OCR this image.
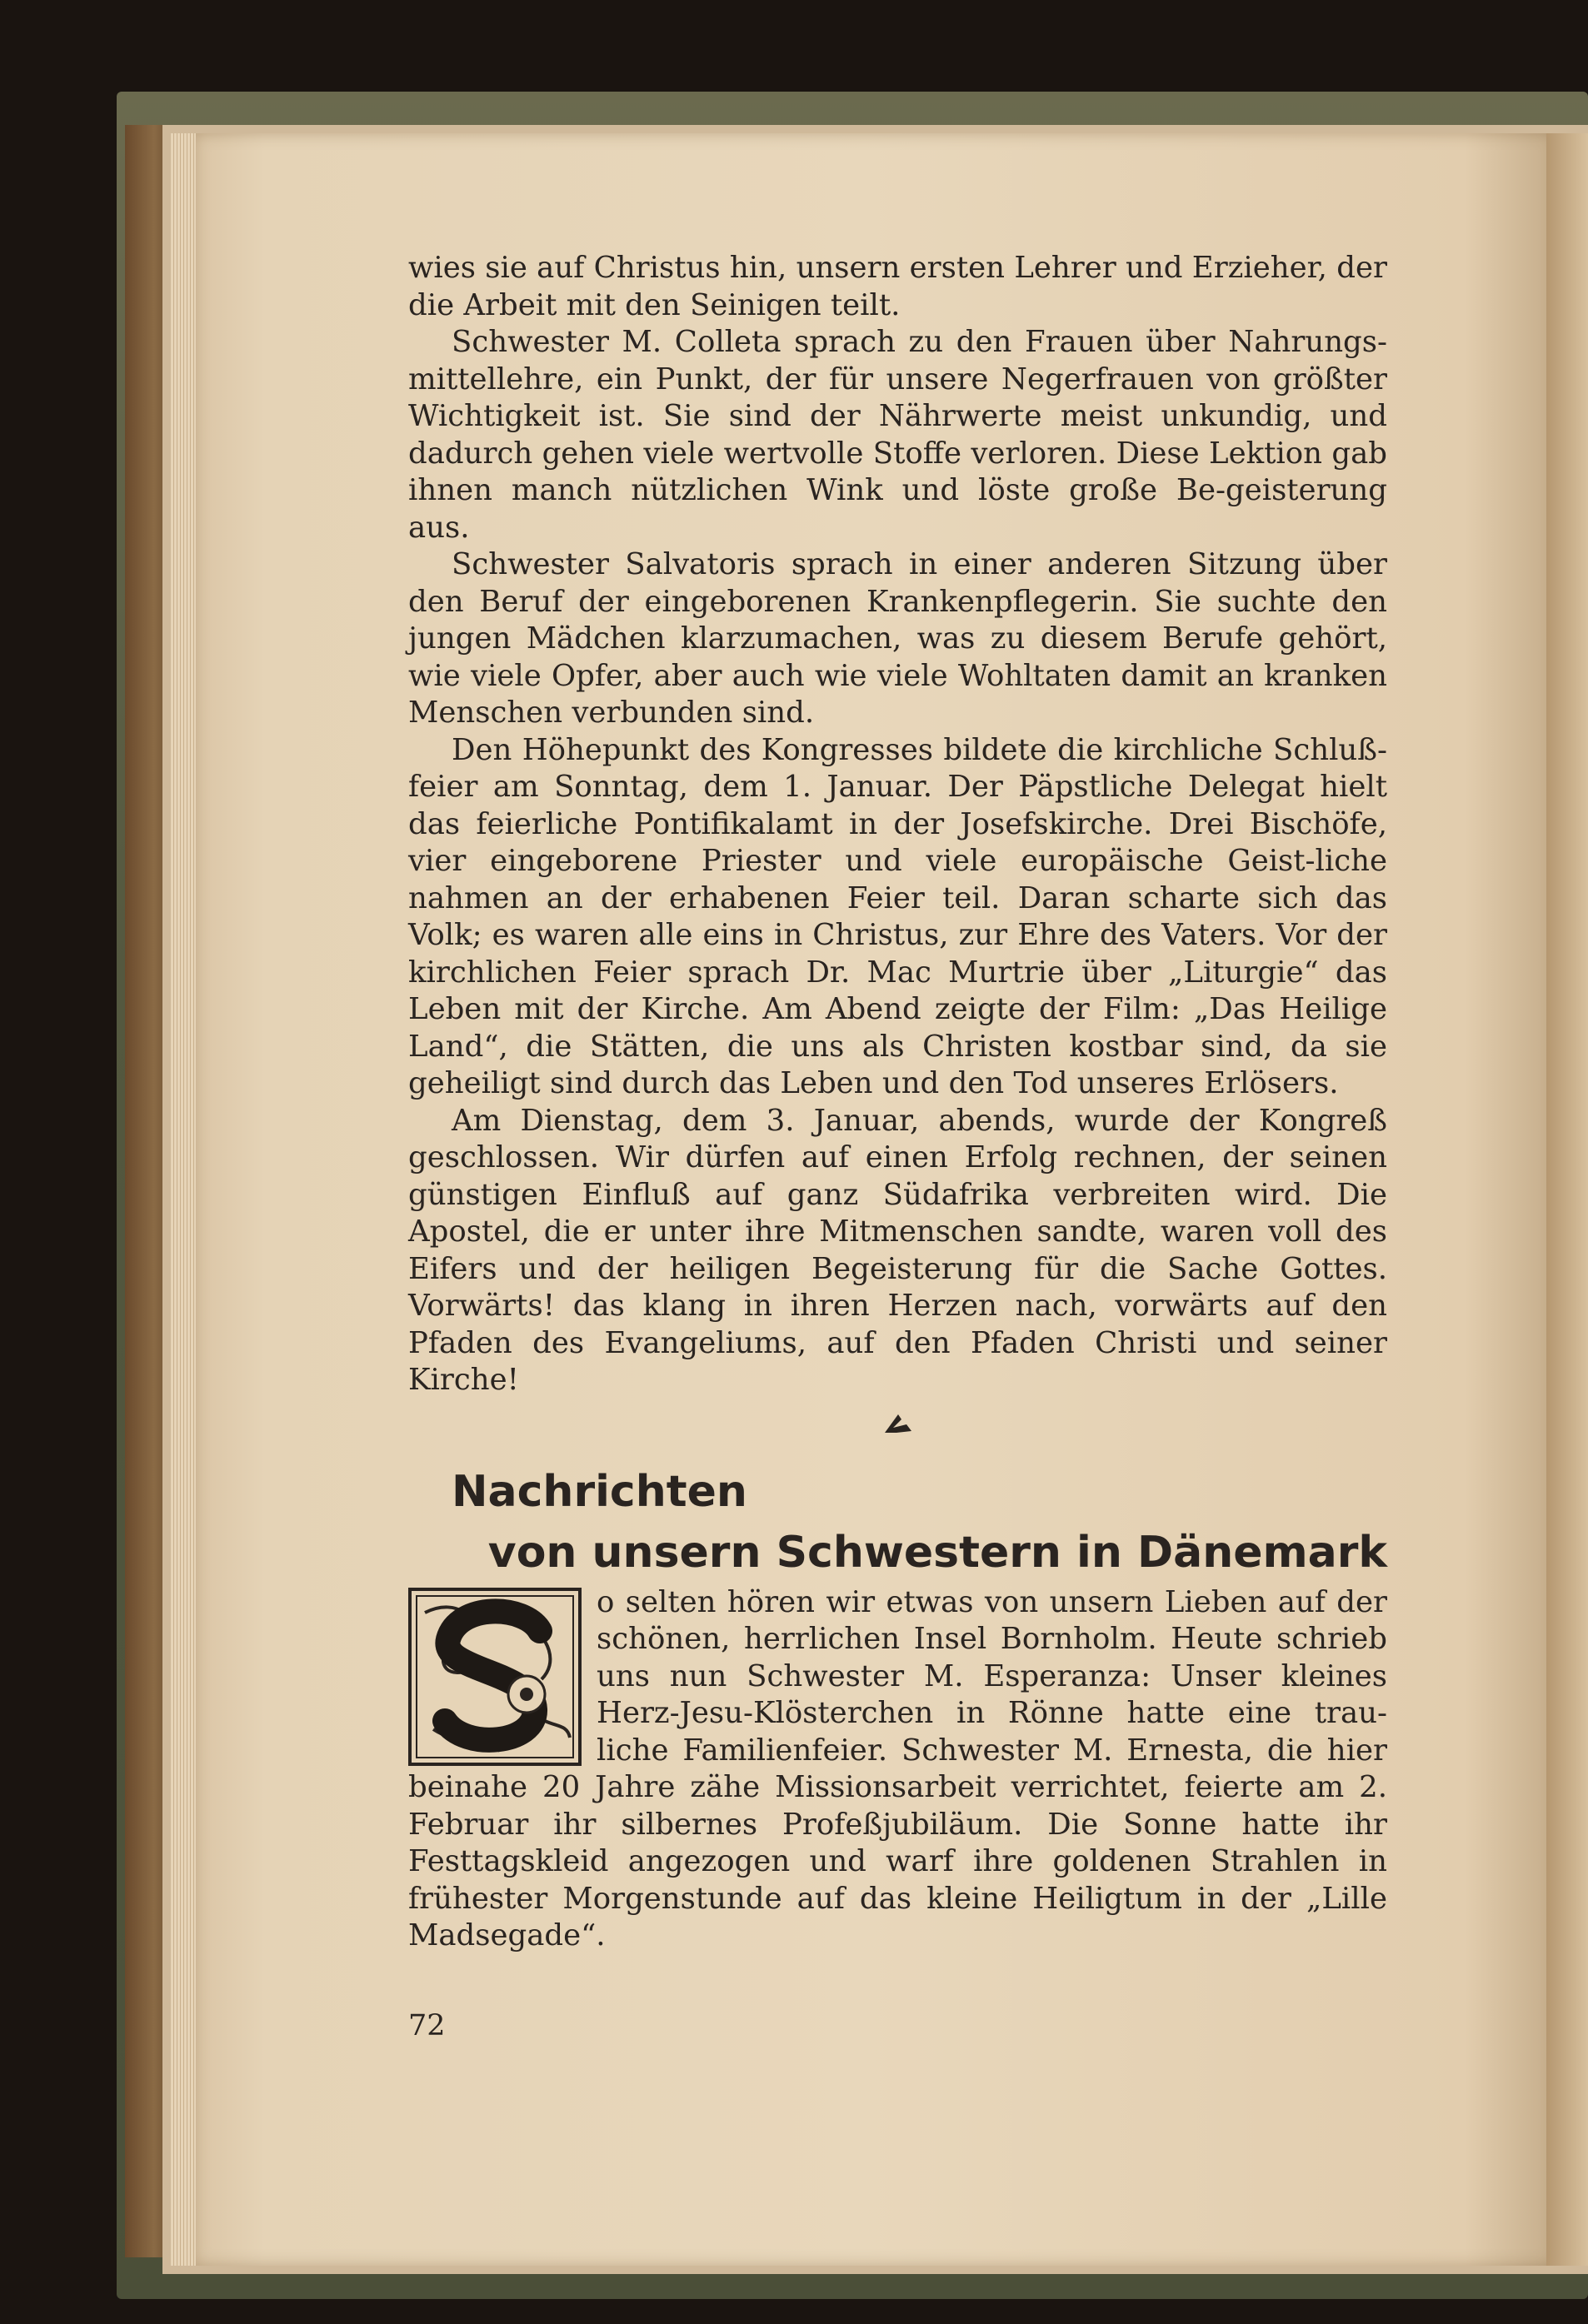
wies sie auf Christus hin, unsern ersten Lehrer und Erzieher, der die Arbeit mit den Seinigen teilt.

Schwester M. Colleta sprach zu den Frauen über Nahrungs-mittellehre, ein Punkt, der für unsere Negerfrauen von größter Wichtigkeit ist. Sie sind der Nährwerte meist unkundig, und dadurch gehen viele wertvolle Stoffe verloren. Diese Lektion gab ihnen manch nützlichen Wink und löste große Be-geisterung aus.

Schwester Salvatoris sprach in einer anderen Sitzung über den Beruf der eingeborenen Krankenpflegerin. Sie suchte den jungen Mädchen klarzumachen, was zu diesem Berufe gehört, wie viele Opfer, aber auch wie viele Wohltaten damit an kranken Menschen verbunden sind.

Den Höhepunkt des Kongresses bildete die kirchliche Schluß-feier am Sonntag, dem 1. Januar. Der Päpstliche Delegat hielt das feierliche Pontifikalamt in der Josefskirche. Drei Bischöfe, vier eingeborene Priester und viele europäische Geist-liche nahmen an der erhabenen Feier teil. Daran scharte sich das Volk; es waren alle eins in Christus, zur Ehre des Vaters. Vor der kirchlichen Feier sprach Dr. Mac Murtrie über „Liturgie“ das Leben mit der Kirche. Am Abend zeigte der Film: „Das Heilige Land“, die Stätten, die uns als Christen kostbar sind, da sie geheiligt sind durch das Leben und den Tod unseres Erlösers.

Am Dienstag, dem 3. Januar, abends, wurde der Kongreß geschlossen. Wir dürfen auf einen Erfolg rechnen, der seinen günstigen Einfluß auf ganz Südafrika verbreiten wird. Die Apostel, die er unter ihre Mitmenschen sandte, waren voll des Eifers und der heiligen Begeisterung für die Sache Gottes. Vorwärts! das klang in ihren Herzen nach, vorwärts auf den Pfaden des Evangeliums, auf den Pfaden Christi und seiner Kirche!

Nachrichten

von unsern Schwestern in Dänemark

o selten hören wir etwas von unsern Lieben auf der schönen, herrlichen Insel Bornholm. Heute schrieb uns nun Schwester M. Esperanza: Unser kleines Herz-Jesu-Klösterchen in Rönne hatte eine trau-liche Familienfeier. Schwester M. Ernesta, die hier beinahe 20 Jahre zähe Missionsarbeit verrichtet, feierte am 2. Februar ihr silbernes Profeßjubiläum. Die Sonne hatte ihr Festtagskleid angezogen und warf ihre goldenen Strahlen in frühester Morgenstunde auf das kleine Heiligtum in der „Lille Madsegade“.

72
